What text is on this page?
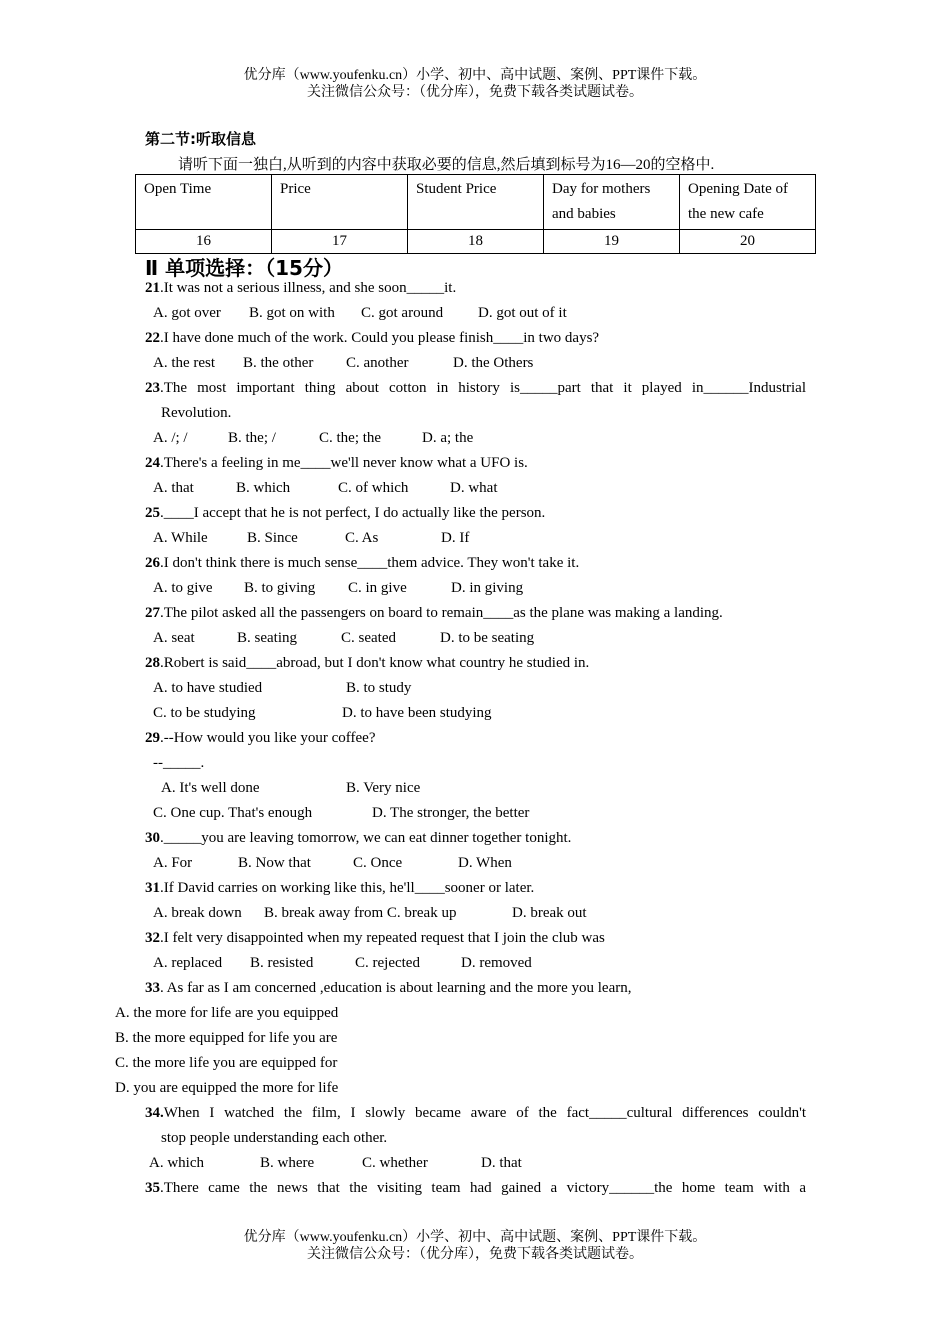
优分库（www.youfenku.cn）小学、初中、高中试题、案例、PPT课件下载。
关注微信公众号：（优分库），免费下载各类试题试卷。
第二节:听取信息
请听下面一独白,从听到的内容中获取必要的信息,然后填到标号为16—20的空格中.
Open Time	Price	Student Price	Day for mothers and babies	Opening Date of the new cafe
16	17	18	19	20
Ⅱ 单项选择：（15分）
21.It was not a serious illness, and she soon_____it.
A. got over B. got on with C. got around D. got out of it
22.I have done much of the work. Could you please finish____in two days?
A. the rest B. the other C. another	D. the Others
23.The most important thing about cotton in history is_____part that it played in______Industrial
Revolution.
A. /; /	B. the; /	C. the; the	D. a; the
24.There's a feeling in me____we'll never know what a UFO is.
A. that	B. which	C. of which	D. what
25.____I accept that he is not perfect, I do actually like the person.
A. While	B. Since	C. As	D. If
26.I don't think there is much sense____them advice. They won't take it.
A. to give B. to giving C. in give	D. in giving
27.The pilot asked all the passengers on board to remain____as the plane was making a landing.
A. seat	B. seating	C. seated	D. to be seating
28.Robert is said____abroad, but I don't know what country he studied in.
A. to have studied	B. to study
C. to be studying	D. to have been studying
29.--How would you like your coffee?
--_____.
A. It's well done	B. Very nice
C. One cup. That's enough	D. The stronger, the better
30._____you are leaving tomorrow, we can eat dinner together tonight.
A. For	B. Now that	C. Once	D. When
31.If David carries on working like this, he'll____sooner or later.
A. break down B. break away from C. break up	D. break out
32.I felt very disappointed when my repeated request that I join the club was
A. replaced B. resisted	C. rejected	D. removed
33. As far as I am concerned ,education is about learning and the more you learn,
A. the more for life are you equipped
B. the more equipped for life you are
C. the more life you are equipped for
D. you are equipped the more for life
34.When I watched the film, I slowly became aware of the fact_____cultural differences couldn't
stop people understanding each other.
A. which	B. where	C. whether	D. that
35.There came the news that the visiting team had gained a victory______the home team with a
优分库（www.youfenku.cn）小学、初中、高中试题、案例、PPT课件下载。
关注微信公众号：（优分库），免费下载各类试题试卷。
